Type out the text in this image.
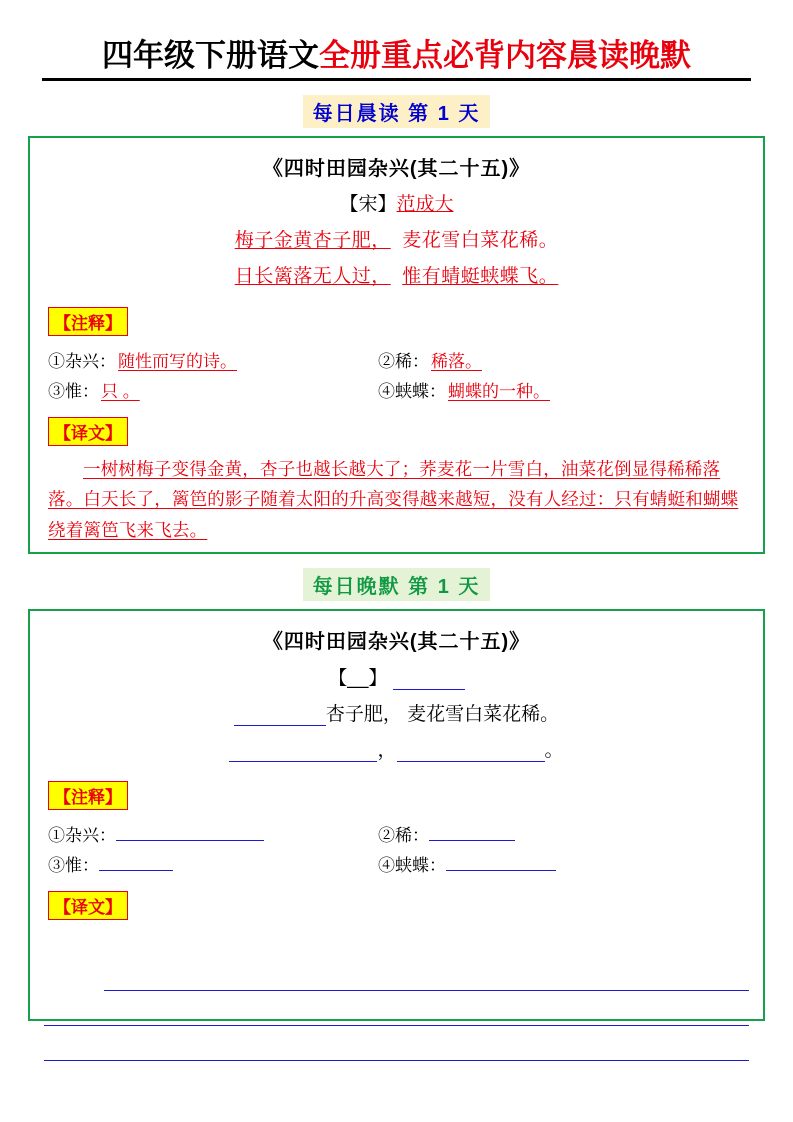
四年级下册语文全册重点必背内容晨读晚默
每日晨读 第 1 天
《四时田园杂兴(其二十五)》
【宋】范成大
梅子金黄杏子肥， 麦花雪白菜花稀。
日长篱落无人过， 惟有蜻蜓蛱蝶飞。
【注释】
①杂兴： 随性而写的诗。	②稀： 稀落。
③惟： 只 。	④蛱蝶： 蝴蝶的一种。
【译文】
一树树梅子变得金黄，杏子也越长越大了；荞麦花一片雪白，油菜花倒显得稀稀落落。白天长了，篱笆的影子随着太阳的升高变得越来越短，没有人经过：只有蜻蜓和蝴蝶绕着篱笆飞来飞去。
每日晚默 第 1 天
《四时田园杂兴(其二十五)》
【__】
杏子肥， 麦花雪白菜花稀。
，	。
【注释】
①杂兴：	②稀：
③惟：	④蛱蝶：
【译文】
